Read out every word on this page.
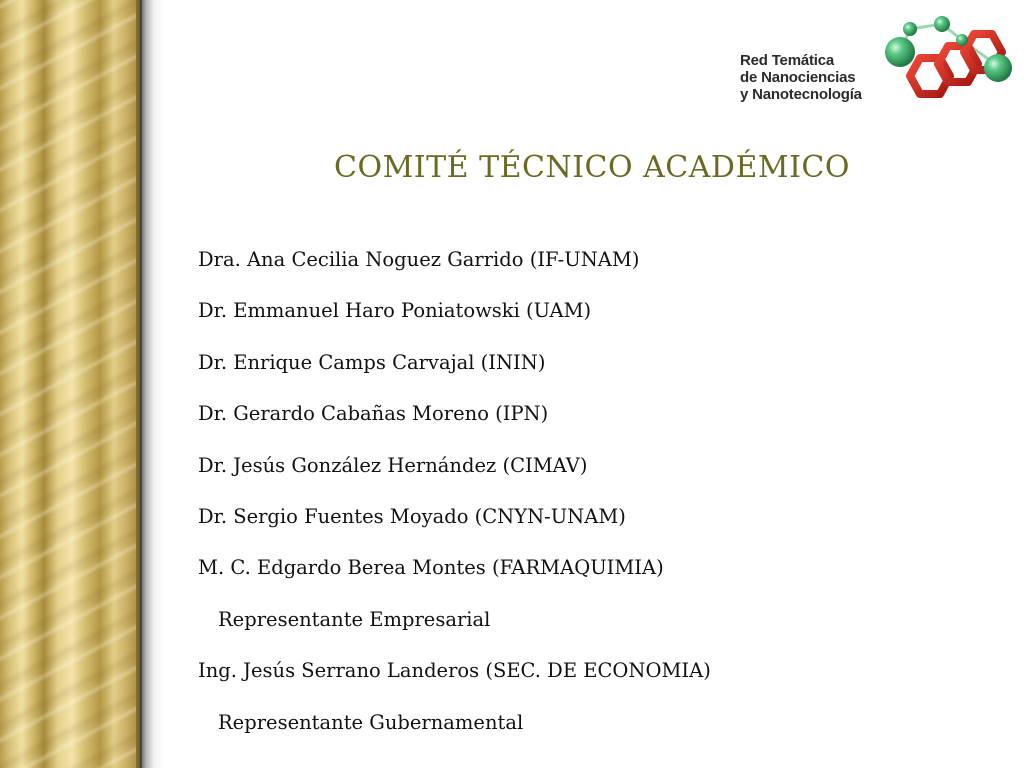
Red Temática
de Nanociencias
y Nanotecnología
COMITÉ TÉCNICO ACADÉMICO
Dra. Ana Cecilia Noguez Garrido (IF-UNAM)
Dr. Emmanuel Haro Poniatowski (UAM)
Dr. Enrique Camps Carvajal (ININ)
Dr. Gerardo Cabañas Moreno (IPN)
Dr. Jesús González Hernández (CIMAV)
Dr. Sergio Fuentes Moyado (CNYN-UNAM)
M. C. Edgardo Berea Montes (FARMAQUIMIA)
Representante Empresarial
Ing. Jesús Serrano Landeros (SEC. DE ECONOMIA)
Representante Gubernamental
